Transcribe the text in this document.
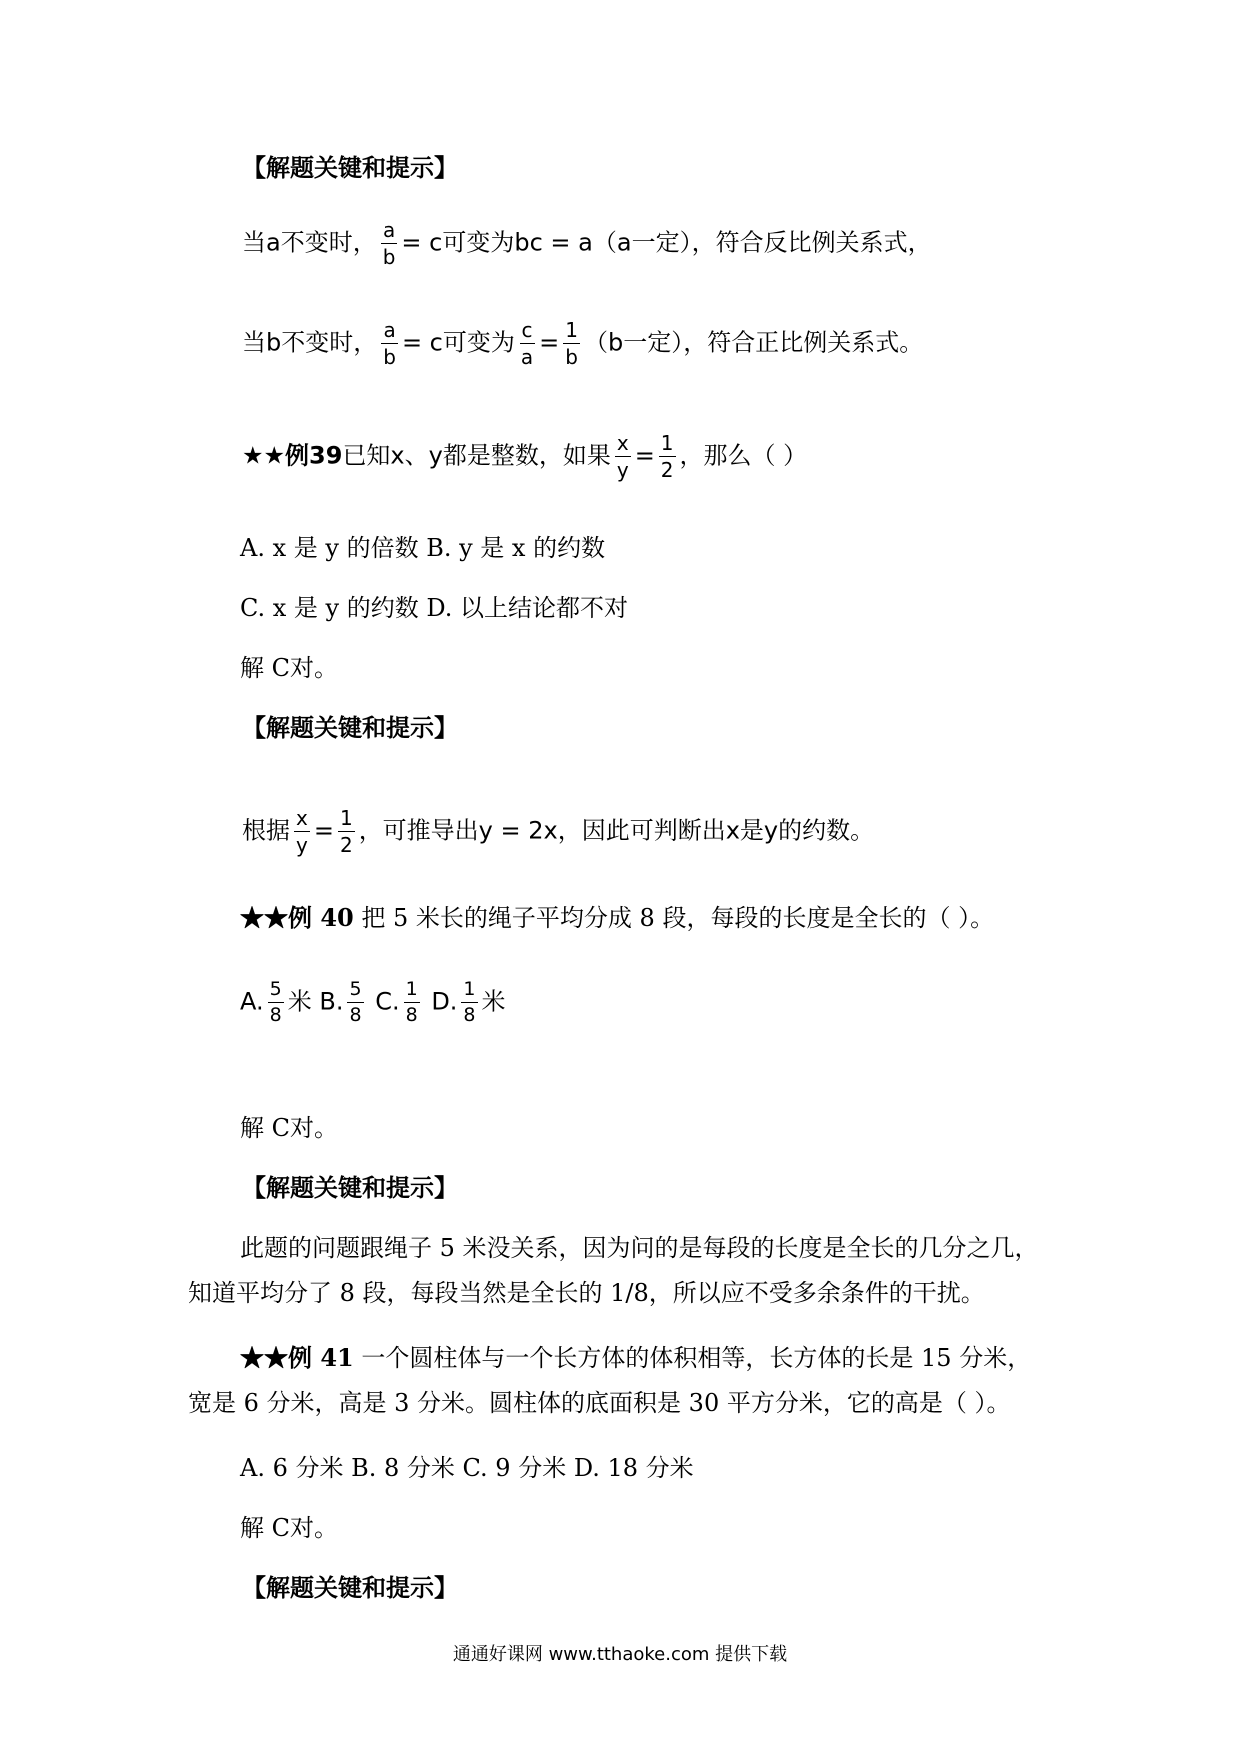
【解题关键和提示】
当a不变时， $\frac{a}{b} = c$可变为bc = a（a一定），符合反比例关系式，
当b不变时， $\frac{a}{b} = c$可变为 $\frac{c}{a} = \frac{1}{b} (b$一定），符合正比例关系式。
★★例39已知x、y都是整数，如果 $\frac{x}{y} = \frac{1}{2}$ ，那么（ ）
A. x 是 y 的倍数 B. y 是 x 的约数
C. x 是 y 的约数 D. 以上结论都不对
解 C对。
【解题关键和提示】
根据 $\frac{x}{y} = \frac{1}{2}$ ，可推导出y = 2x，因此可判断出x是y的约数。
★★例 40 把 5 米长的绳子平均分成 8 段，每段的长度是全长的（ ）。
A. $\frac{5}{8}$ 米 B. $\frac{5}{8} C$. $\frac{1}{8} D$. $\frac{1}{8}$ 米
解 C对。
【解题关键和提示】
此题的问题跟绳子 5 米没关系，因为问的是每段的长度是全长的几分之几，
知道平均分了 8 段，每段当然是全长的 1/8，所以应不受多余条件的干扰。
★★例 41 一个圆柱体与一个长方体的体积相等，长方体的长是 15 分米，
宽是 6 分米，高是 3 分米。圆柱体的底面积是 30 平方分米，它的高是（ ）。
A. 6 分米 B. 8 分米 C. 9 分米 D. 18 分米
解 C对。
【解题关键和提示】
通通好课网 www.tthaoke.com 提供下载
